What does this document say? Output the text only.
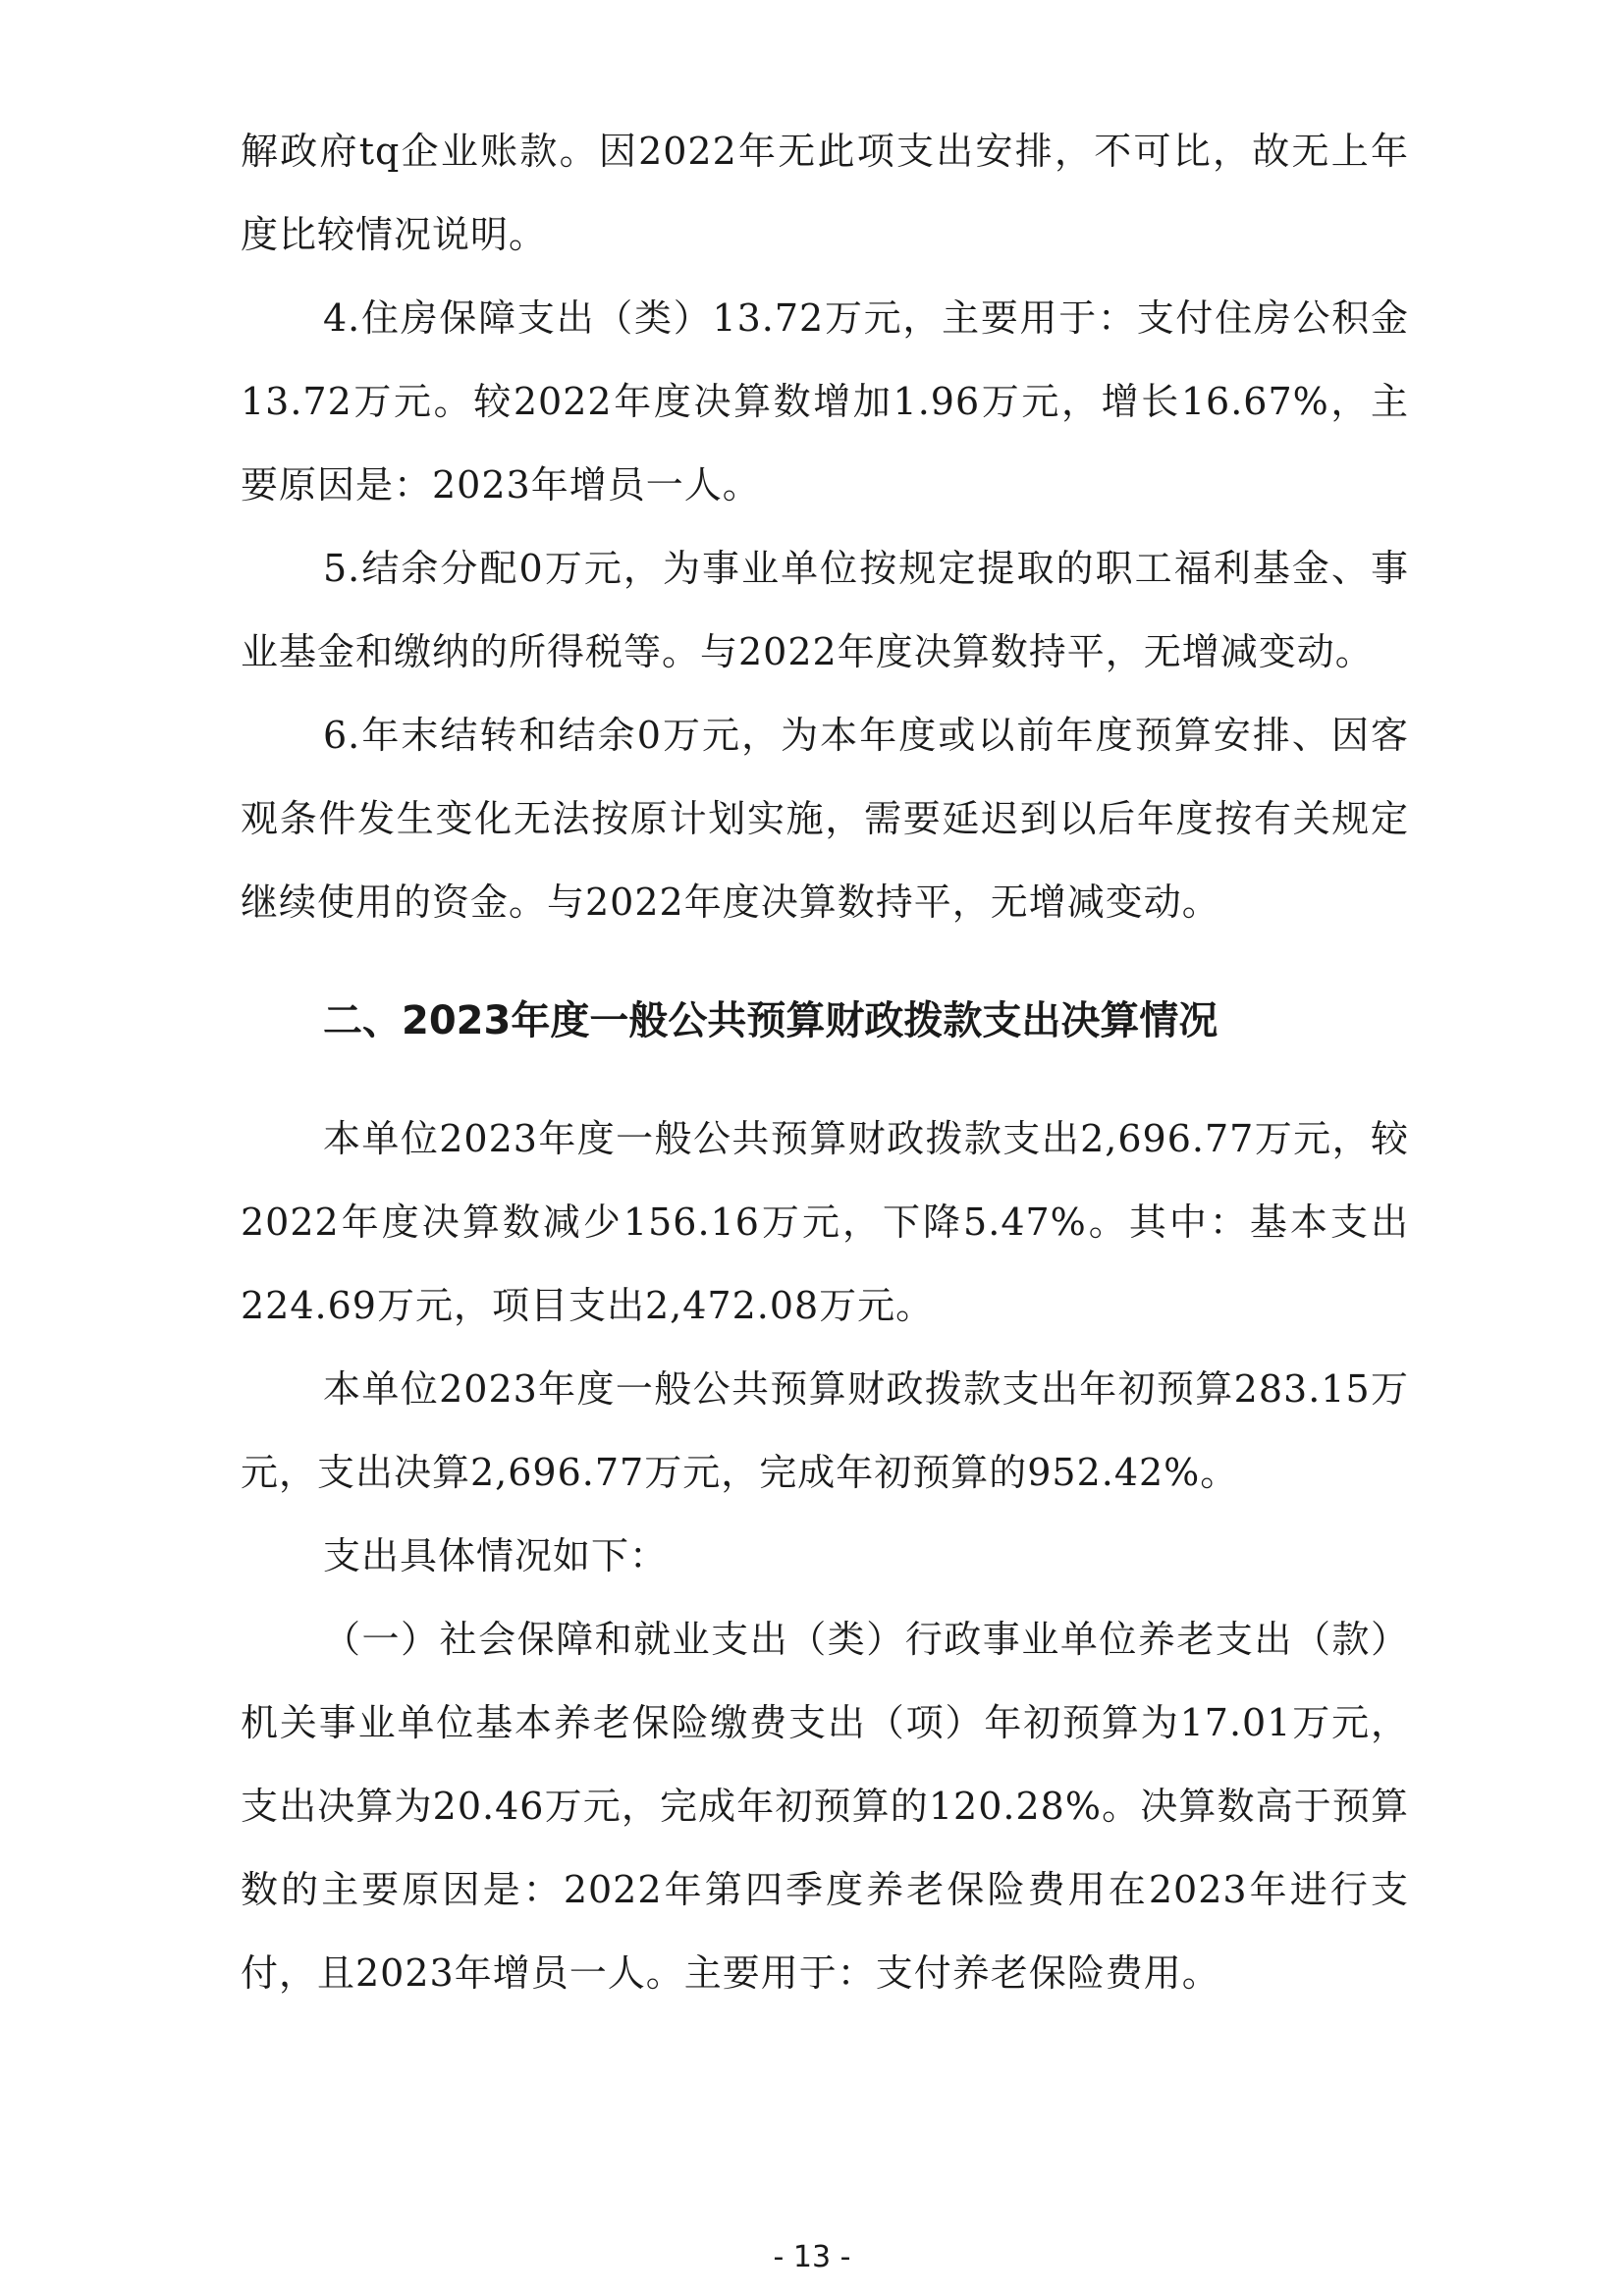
解政府tq企业账款。因2022年无此项支出安排，不可比，故无上年度比较情况说明。

4.住房保障支出（类）13.72万元，主要用于：支付住房公积金13.72万元。较2022年度决算数增加1.96万元，增长16.67%，主要原因是：2023年增员一人。

5.结余分配0万元，为事业单位按规定提取的职工福利基金、事业基金和缴纳的所得税等。与2022年度决算数持平，无增减变动。

6.年末结转和结余0万元，为本年度或以前年度预算安排、因客观条件发生变化无法按原计划实施，需要延迟到以后年度按有关规定继续使用的资金。与2022年度决算数持平，无增减变动。

二、2023年度一般公共预算财政拨款支出决算情况

本单位2023年度一般公共预算财政拨款支出2,696.77万元，较2022年度决算数减少156.16万元，下降5.47%。其中：基本支出224.69万元，项目支出2,472.08万元。

本单位2023年度一般公共预算财政拨款支出年初预算283.15万元，支出决算2,696.77万元，完成年初预算的952.42%。

支出具体情况如下：

（一）社会保障和就业支出（类）行政事业单位养老支出（款）机关事业单位基本养老保险缴费支出（项）年初预算为17.01万元，支出决算为20.46万元，完成年初预算的120.28%。决算数高于预算数的主要原因是：2022年第四季度养老保险费用在2023年进行支付，且2023年增员一人。主要用于：支付养老保险费用。

- 13 -
